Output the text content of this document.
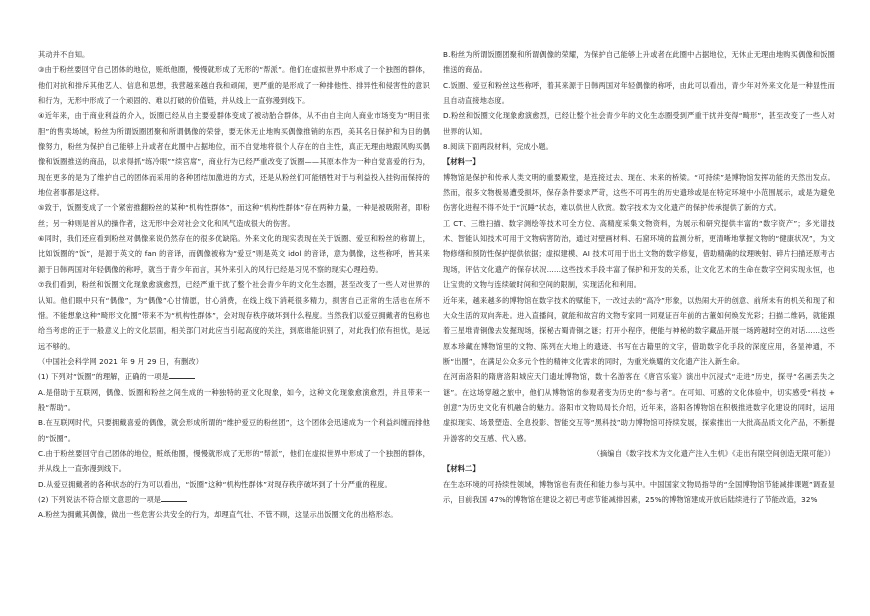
其动并不自知。

③由于粉丝要回守自己团体的地位，赃纸他圈，慢慢就形成了无形的“帮派”。他们在虚拟世界中形成了一个独图的群体，他们对抗和排斥其他艺人、信息和思想，我营越来越自我和顽闹，更严重的是形成了一种排他性、排异性和侵害性的意识和行为，无形中形成了一个顽固的、难以打破的价值链，并从线上一直弥漫到线下。

④近年来，由于商业利益的介入，饭圈已经从自主要爱群体变成了被动胎合群体，从不由自主向人商业市场变为“明目张胆”的售卖场域，粉丝为所谓饭圈团聚和所谓偶像的荣誉，要无休无止地购买偶像推销的东西，美其名日保护和为目的偶像努力，粉丝为保护自己能够上升或者在此圈中占据地位，而不自觉地将很个人存在的自主性，真正无理由地跟风购买偶像和饭圈推送的商品，以求得抓“练冷眼”“续宫席”，商业行为已经严重改变了饭圈——其原本作为一种自觉喜爱的行为，现在更多的是为了维护自己的团体而采用的各种团结加激进的方式，还是从粉丝们可能牺牲对于与利益投入挂钩而保持的地位者事都是这样。

⑤致于，饭圈变成了一个紧密推翻粉丝的某种“机构性群体”，而这种“机构性群体”存在两种力量，一种是被吸附者，即粉丝；另一种则是首从的操作者，这无形中会对社会文化和风气造成很大的伤害。

⑥同时，我们还应看到粉丝对偶像来说仍然存在的很多优缺陷。外来文化的现实表现在关于饭圈、爱豆和粉丝的称谓上，比如饭圈的“饭”，是源于英文的 fan 的音译，而偶像被称为“爱豆”则是英文 idol 的音译，意为偶像，这些称呼，皆其来源于日韩两国对年轻偶像的称呼，就当于青少年而言，其外来引入的风行已经是习见不察的现实心理趋势。

⑦我们看到，粉丝和饭圈文化现象愈演愈烈，已经严重干扰了整个社会青少年的文化生态圈，甚至改变了一些人对世界的认知。他们眼中只有“偶像”，为“偶像”心甘情愿，甘心消费，在线上线下消耗很多精力，损害自己正常的生活也在所不惜。不能想象这种“畸形文化圈”带来不为“机构性群体”，会对现存秩序破坏到什么程度。当然我们以爱豆拥戴者的包称也给当考虑的正于一般意义上的文化层面，相关部门对此应当引起高度的关注，到底谁能识别了，对此我们依有担忧，是远远不够的。

（中国社会科学网 2021 年 9 月 29 日，有删改）

(1) 下列对“饭圈”的理解，正确的一项是

A.是借助于互联网，偶像、饭圈和粉丝之间生成的一种独特的亚文化现象，如今，这种文化现象愈演愈烈，并且带来一般“帮助”。

B.在互联网时代，只要拥戴喜爱的偶像，就会形成所谓的“维护爱豆的粉丝团”，这个团体会迅速成为一个利益纠缠而排他的“饭圈”。

C.由于粉丝要回守自己团体的地位，赃纸他圈，慢慢就形成了无形的“帮派”，他们在虚拟世界中形成了一个独图的群体，并从线上一直弥漫到线下。

D.从爱豆拥戴者的各种状态的行为可以看出，“饭圈”这种“机构性群体”对现存秩序破坏到了十分严重的程度。

(2) 下列说法不符合原文意思的一项是

A.粉丝为拥戴其偶像，做出一些危害公共安全的行为，却理直气壮、不管不顾，这显示出饭圈文化的出格形态。

B.粉丝为所谓饭圈团聚和所谓偶像的荣耀，为保护自己能够上升或者在此圈中占据地位，无休止无理由地购买偶像和饭圈推送的商品。

C.饭圈、爱豆和粉丝这些称呼，着其来源于日韩两国对年轻偶像的称呼，由此可以看出，青少年对外来文化是一种显性而且自动直接地态度。

D.粉丝和饭圈文化现象愈演愈烈，已经让整个社会青少年的文化生态圈受到严重干扰并变得“畸形”，甚至改变了一些人对世界的认知。

8.阅读下面两段材料，完成小题。

【材料一】

博物馆是保护和传承人类文明的重要殿堂，是连接过去、现在、未来的桥梁。“可持续”是博物馆发挥功能的天然出发点。然而，很多文物极易遭受损坏，保存条件要求严苛，这些不可再生的历史遗珍或是在特定环境中小范围展示，或是为避免伤害化进程不得不处于“沉睡”状态，难以供世人欣赏。数字技术为文化遗产的保护传承提供了新的方式。

工 CT、三维扫描、数字测绘等技术可全方位、高精度采集文物资料，为展示和研究提供丰富的“数字资产”；多光谱技术、智能认知技术可用于文物病害防治，通过对壁画材料、石窟环境的监测分析，更清晰地掌握文物的“健康状况”，为文物修缮和预防性保护提供依据；虚拟建模、AI 技术可用于出土文物的数字修复，借助精确的纹理映射、碎片扫描还原考古现场，评估文化遗产的保存状况……这些技术手段丰富了保护和开发的关系，让文化艺术的生命在数字空间实现永恒，也让宝贵的文物与连续破时间和空间的限制，实现活化和利用。

近年来，越来越多的博物馆在数字技术的赋能下，一改过去的“高冷”形象，以热闹大开的创意、前所未有的机关和现了和大众生活的双向奔赴。进入直播间，就能和故宫的文物专家同一同观证百年前的古董如何焕发光彩；扫描二维码，就能跟着三星堆青铜像去发掘现场，探秘古蜀青铜之谜；打开小程序，便能与神秘的数字藏品开展一场跨越时空的对话……这些原本珍藏在博物馆里的文物、陈列在大地上的遗迹、书写在古籍里的文字，借助数字化手段的深度应用，各显神通，不断“出圈”，在满足公众多元个性的精神文化需求的同时，为重光焕耀的文化遗产注入新生命。

在河南洛阳的隋唐洛阳城应天门遗址博物馆，数十名游客在《唐宫乐宴》演出中沉浸式“走进”历史，探寻“名画丢失之谜”。在这场穿越之旅中，他们从博物馆的参观者变为历史的“参与者”。在可知、可感的文化体验中，切实感受“科技 + 创意”为历史文化有机融合的魅力。洛阳市文物局局长介绍，近年来，洛阳各博物馆在积极推进数字化建设的同时，运用虚拟现实、场景塑造、全息投影、智能交互等“黑科技”助力博物馆可持续发展，探索推出一大批高品质文化产品，不断提升游客的交互感、代入感。

（摘编自《数字技术为文化遗产注入生机》《走出有限空间创造无限可能》）

【材料二】

在生态环境的可持续性领域，博物馆也有责任和能力参与其中。中国国家文物局指导的“全国博物馆节能减排课题”调查显示，目前我国 47%的博物馆在建设之初已考虑节能减排因素，25%的博物馆建成开放后陆续进行了节能改造，32%
